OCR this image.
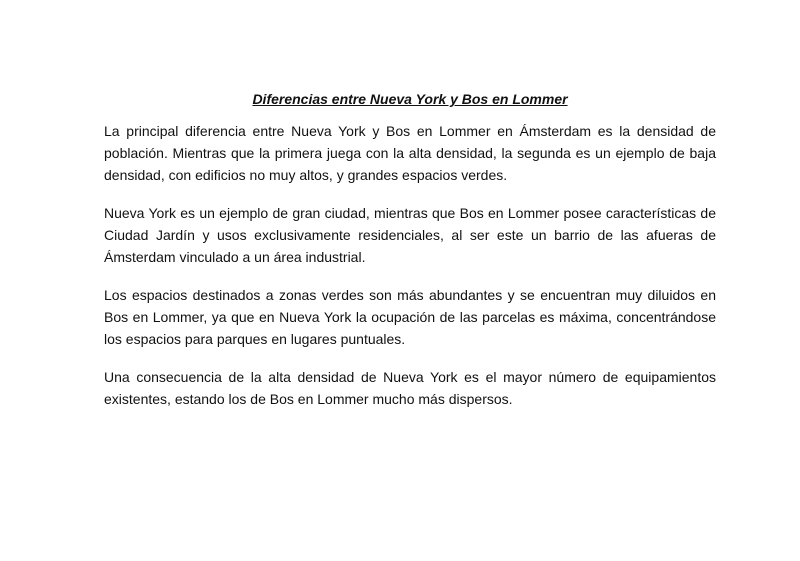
Diferencias entre Nueva York y Bos en Lommer

La principal diferencia entre Nueva York y Bos en Lommer en Ámsterdam es la densidad de población. Mientras que la primera juega con la alta densidad, la segunda es un ejemplo de baja densidad, con edificios no muy altos, y grandes espacios verdes.

Nueva York es un ejemplo de gran ciudad, mientras que Bos en Lommer posee características de Ciudad Jardín y usos exclusivamente residenciales, al ser este un barrio de las afueras de Ámsterdam vinculado a un área industrial.

Los espacios destinados a zonas verdes son más abundantes y se encuentran muy diluidos en Bos en Lommer, ya que en Nueva York la ocupación de las parcelas es máxima, concentrándose los espacios para parques en lugares puntuales.

Una consecuencia de la alta densidad de Nueva York es el mayor número de equipamientos existentes, estando los de Bos en Lommer mucho más dispersos.
